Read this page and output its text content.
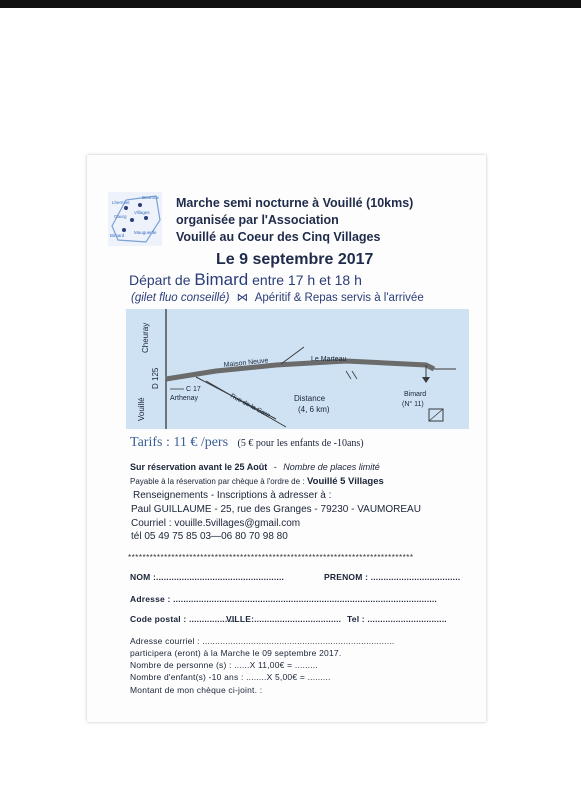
Bouroux
Lhermiet
Gaurg
Villages
Bimard
Mauguerite
Marche semi nocturne à Vouillé (10kms)
organisée par l'Association
Vouillé au Coeur des Cinq Villages
Le 9 septembre 2017
Départ de Bimard entre 17 h et 18 h
(gilet fluo conseillé) ⋈ Apéritif & Repas servis à l'arrivée
Cheuray
D 125
Vouillé
C 17
Arthenay
Maison Neuve	Le Marteau
Rue de la Gare	Distance
(4, 6 km)
Bimard
(N° 11)
Tarifs : 11 € /pers (5 € pour les enfants de -10ans)
Sur réservation avant le 25 Août - Nombre de places limité
Payable à la réservation par chèque à l'ordre de : Vouillé 5 Villages
Renseignements - Inscriptions à adresser à :
Paul GUILLAUME - 25, rue des Granges - 79230 - VAUMOREAU
Courriel : vouille.5villages@gmail.com
tél 05 49 75 85 03—06 80 70 98 80
*******************************************************************************
NOM :..................................................	PRENOM : ...................................
Adresse : .......................................................................................................
Code postal : ..................
VILLE:.................................. Tel : ...............................
Adresse courriel : ...........................................................................
participera (eront) à la Marche le 09 septembre 2017.
Nombre de personne (s) : ......X 11,00€ = .........
Nombre d'enfant(s) -10 ans : ........X 5,00€ = .........
Montant de mon chèque ci-joint. :
